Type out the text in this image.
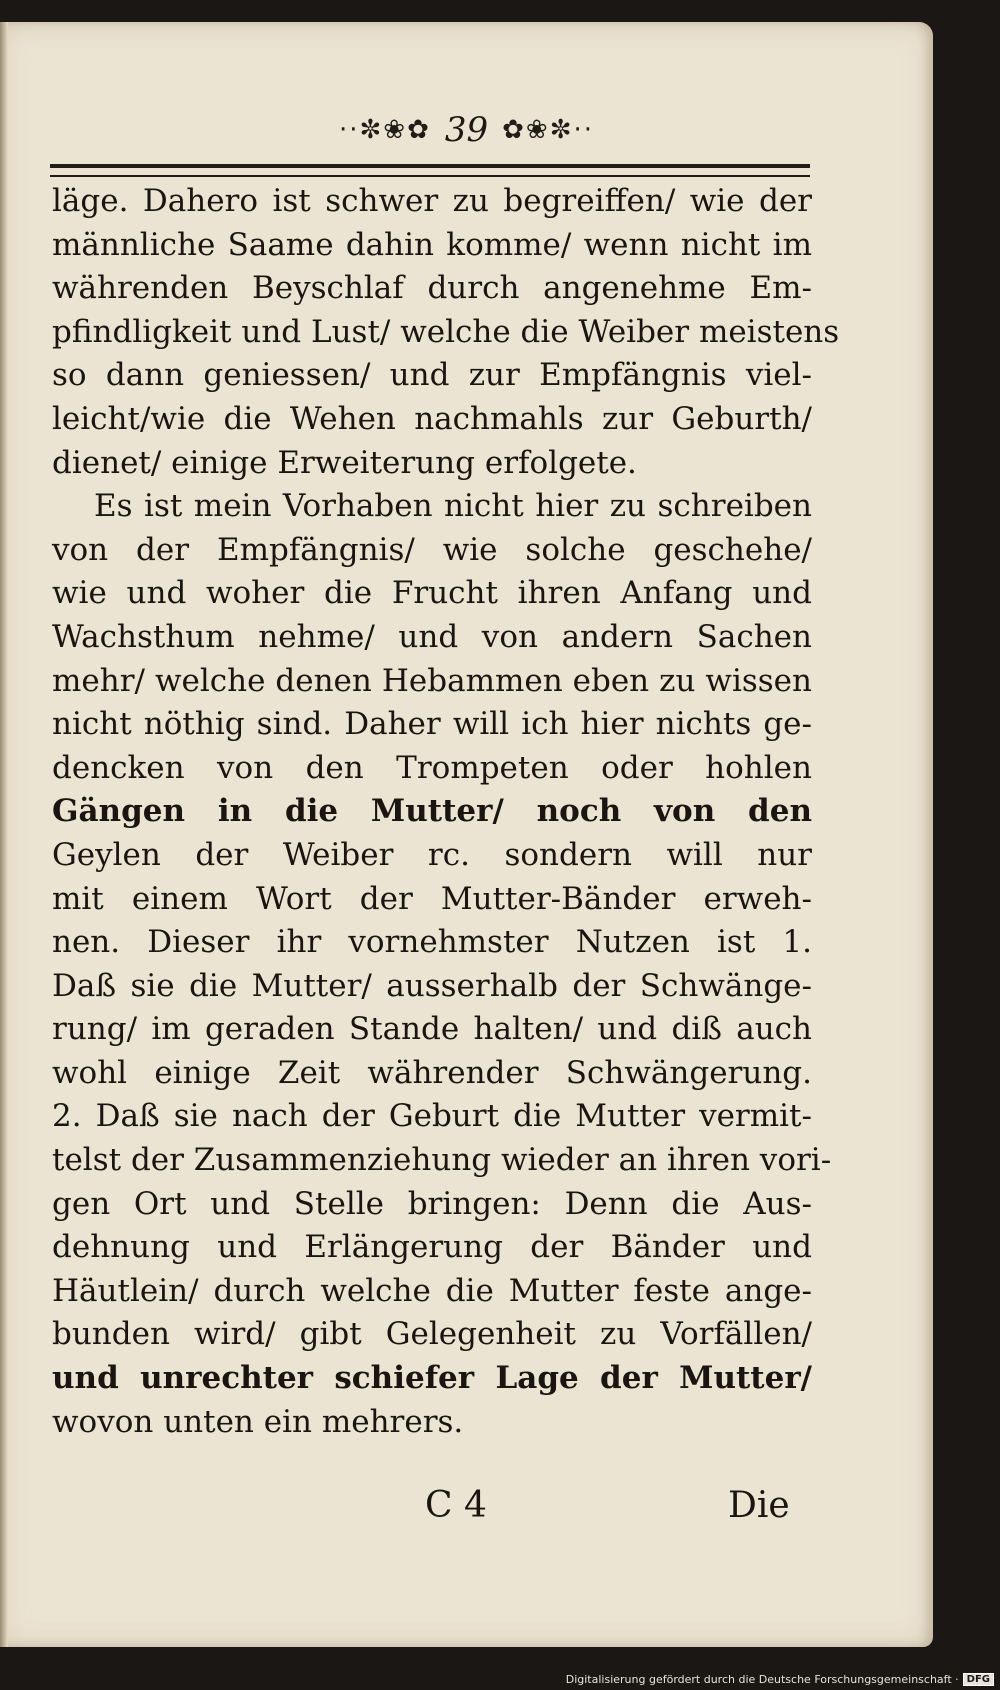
··✼❀✿ 39 ✿❀✼··
läge. Dahero ist schwer zu begreiffen/ wie der
männliche Saame dahin komme/ wenn nicht im
währenden Beyschlaf durch angenehme Em-
pfindligkeit und Lust/ welche die Weiber meistens
so dann geniessen/ und zur Empfängnis viel-
leicht/wie die Wehen nachmahls zur Geburth/
dienet/ einige Erweiterung erfolgete.
Es ist mein Vorhaben nicht hier zu schreiben
von der Empfängnis/ wie solche geschehe/
wie und woher die Frucht ihren Anfang und
Wachsthum nehme/ und von andern Sachen
mehr/ welche denen Hebammen eben zu wissen
nicht nöthig sind. Daher will ich hier nichts ge-
dencken von den Trompeten oder hohlen
Gängen in die Mutter/ noch von den
Geylen der Weiber rc. sondern will nur
mit einem Wort der Mutter-Bänder erweh-
nen. Dieser ihr vornehmster Nutzen ist 1.
Daß sie die Mutter/ ausserhalb der Schwänge-
rung/ im geraden Stande halten/ und diß auch
wohl einige Zeit währender Schwängerung.
2. Daß sie nach der Geburt die Mutter vermit-
telst der Zusammenziehung wieder an ihren vori-
gen Ort und Stelle bringen: Denn die Aus-
dehnung und Erlängerung der Bänder und
Häutlein/ durch welche die Mutter feste ange-
bunden wird/ gibt Gelegenheit zu Vorfällen/
und unrechter schiefer Lage der Mutter/
wovon unten ein mehrers.
C 4	Die
Digitalisierung gefördert durch die Deutsche Forschungsgemeinschaft · DFG
